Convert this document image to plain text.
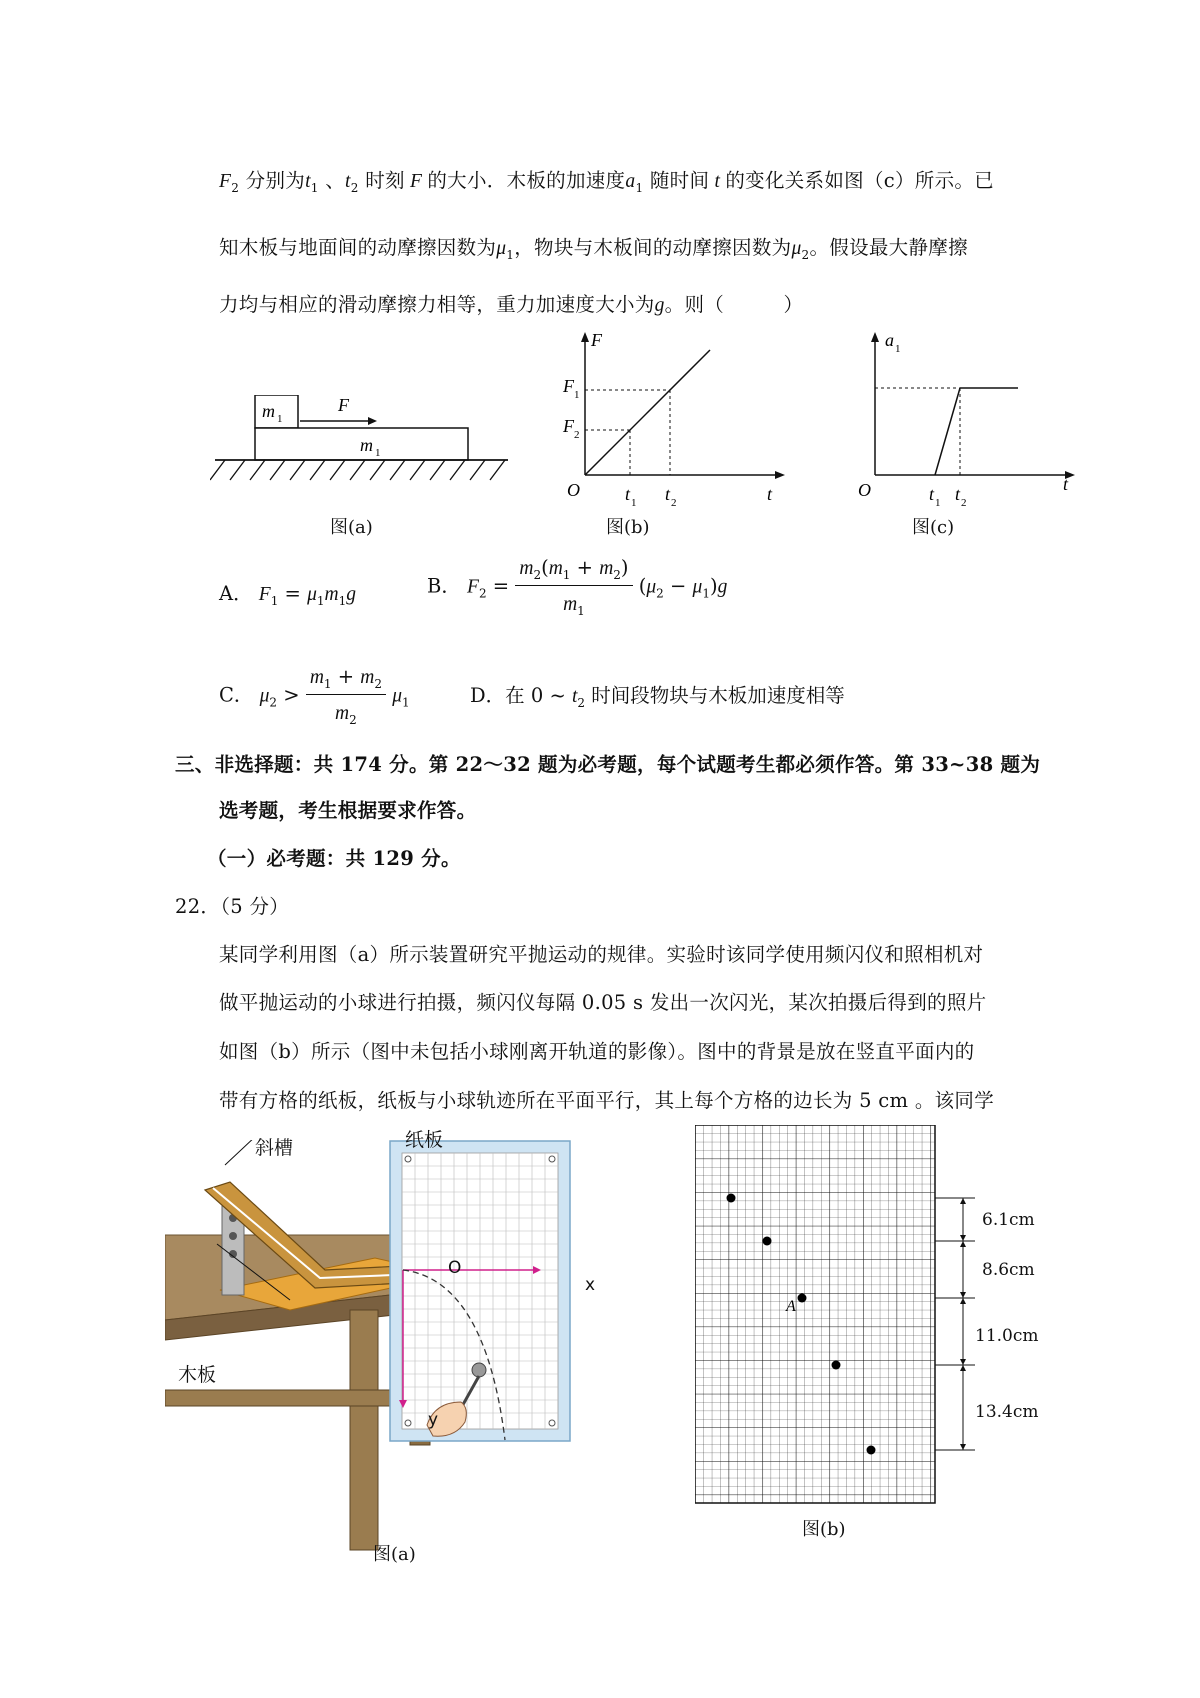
$F_2$ 分别为$t_1$ 、$t_2$ 时刻 F 的大小．木板的加速度$a_1$ 随时间 t 的变化关系如图（c）所示。已
知木板与地面间的动摩擦因数为$\mu_1$，物块与木板间的动摩擦因数为$\mu_2$。假设最大静摩擦
力均与相应的滑动摩擦力相等，重力加速度大小为g。则（　　　）
m 1
F
m 1
图(a)
F
F 1
F 2
O	t 1 t 2	t
图(b)
a 1
O	t 1 t 2
t
图(c)
A． $F_1 = \mu_1m_1g$	B． $F_2 = \frac{m_2(m_1 + m_2)}{m_1} (\mu_2 - \mu_1)g$
C． $\mu_2 > \frac{m_1 + m_2}{m_2} \mu_1$	D．在 0 ~ $t_2$ 时间段物块与木板加速度相等
三、非选择题：共 174 分。第 22～32 题为必考题，每个试题考生都必须作答。第 33~38 题为
选考题，考生根据要求作答。
（一）必考题：共 129 分。
22．（5 分）
某同学利用图（a）所示装置研究平抛运动的规律。实验时该同学使用频闪仪和照相机对
做平抛运动的小球进行拍摄，频闪仪每隔 0.05 s 发出一次闪光，某次拍摄后得到的照片
如图（b）所示（图中未包括小球刚离开轨道的影像）。图中的背景是放在竖直平面内的
带有方格的纸板，纸板与小球轨迹所在平面平行，其上每个方格的边长为 5 cm 。该同学
斜槽	纸板
木板
O
x
y
图(a)
A
6.1cm
8.6cm
11.0cm
13.4cm
图(b)
